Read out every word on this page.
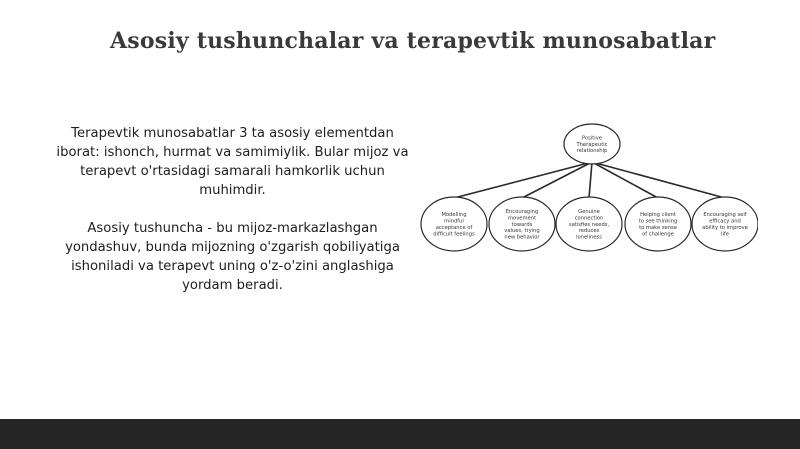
Asosiy tushunchalar va terapevtik munosabatlar

Terapevtik munosabatlar 3 ta asosiy elementdan iborat: ishonch, hurmat va samimiylik. Bular mijoz va terapevt o'rtasidagi samarali hamkorlik uchun muhimdir.

Asosiy tushuncha - bu mijoz-markazlashgan yondashuv, bunda mijozning o'zgarish qobiliyatiga ishoniladi va terapevt uning o'z-o'zini anglashiga yordam beradi.

Positive
Therapeutic
relationship
Modelling
mindful
acceptance of
difficult feelings
Encouraging
movement
towards
values, trying
new behavior
Genuine
connection
satisfies needs,
reduces
loneliness
Helping client
to see thinking
to make sense
of challenge
Encouraging self
efficacy and
ability to improve
life
